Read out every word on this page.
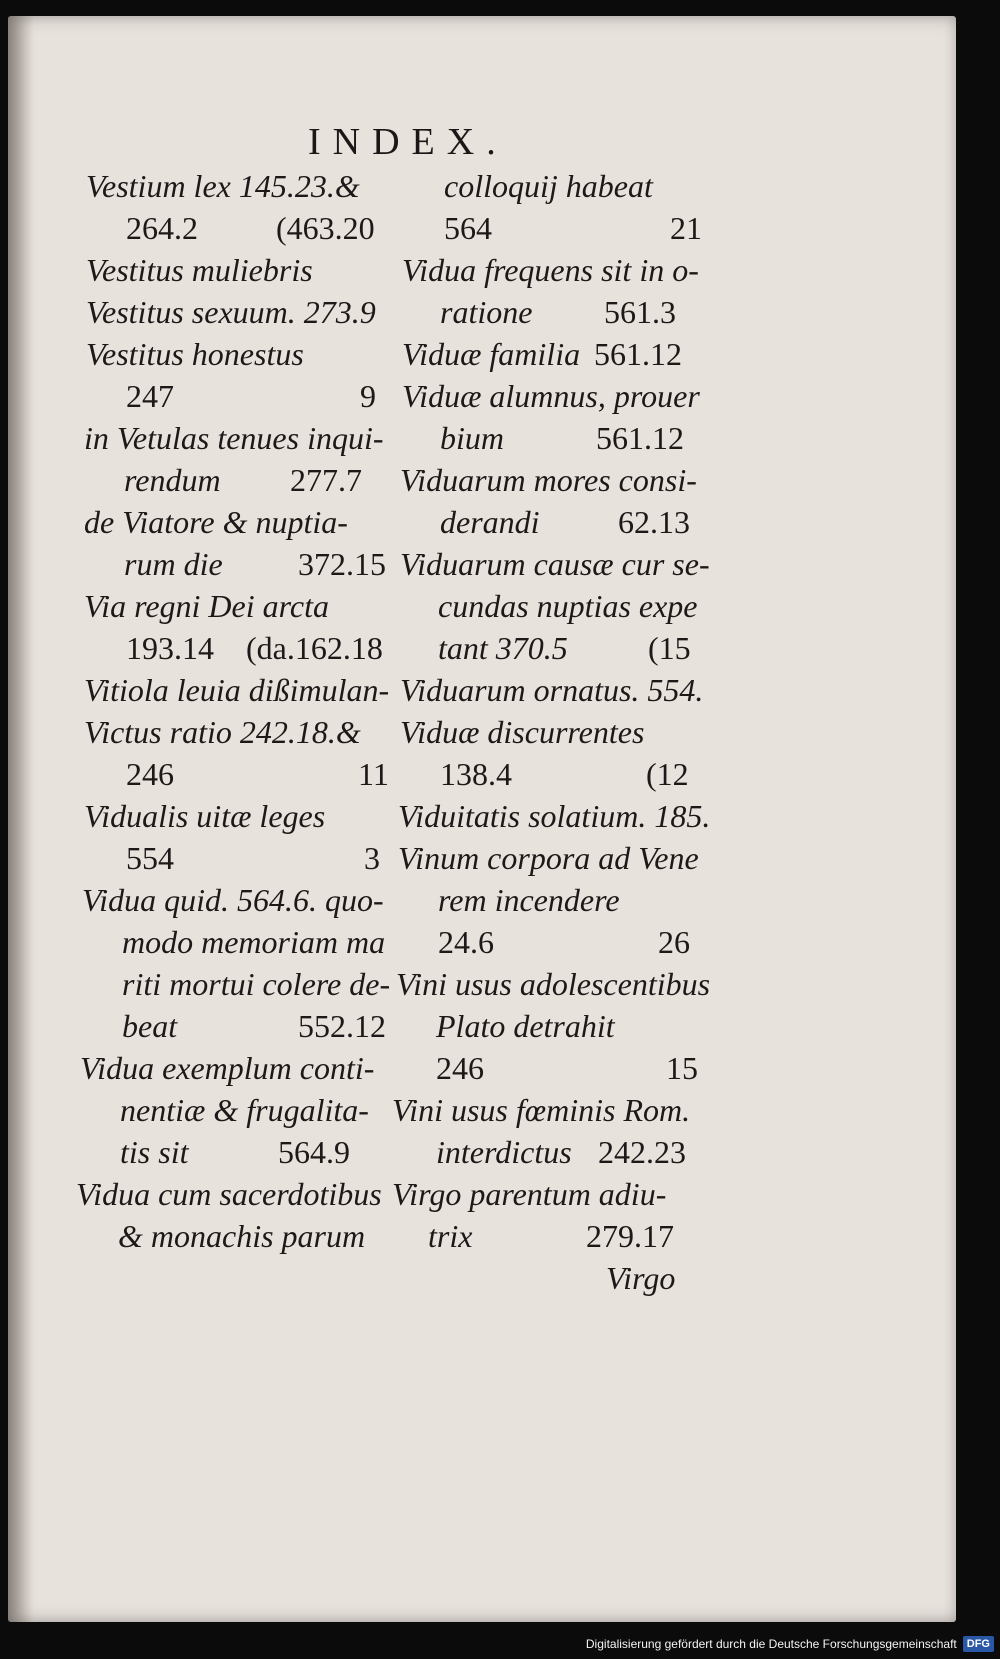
INDEX.
Vestium lex 145.23.&
264.2 (463.20
Vestitus muliebris
Vestitus sexuum. 273.9
Vestitus honestus
247	9
in Vetulas tenues inqui-
rendum 277.7
de Viatore & nuptia-
rum die 372.15
Via regni Dei arcta
193.14 (da.162.18
Vitiola leuia dißimulan-
Victus ratio 242.18.&
246	11
Vidualis uitæ leges
554	3
Vidua quid. 564.6. quo-
modo memoriam ma
riti mortui colere de-
beat	552.12
Vidua exemplum conti-
nentiæ & frugalita-
tis sit	564.9
Vidua cum sacerdotibus
& monachis parum
colloquij habeat
564	21
Vidua frequens sit in o-
ratione 561.3
Viduæ familia 561.12
Viduæ alumnus, prouer
bium	561.12
Viduarum mores consi-
derandi 62.13
Viduarum causæ cur se-
cundas nuptias expe
tant 370.5	(15
Viduarum ornatus. 554.
Viduæ discurrentes
138.4	(12
Viduitatis solatium. 185.
Vinum corpora ad Vene
rem incendere
24.6	26
Vini usus adolescentibus
Plato detrahit
246	15
Vini usus fœminis Rom.
interdictus 242.23
Virgo parentum adiu-
trix	279.17
Virgo
Digitalisierung gefördert durch die Deutsche Forschungsgemeinschaft DFG
